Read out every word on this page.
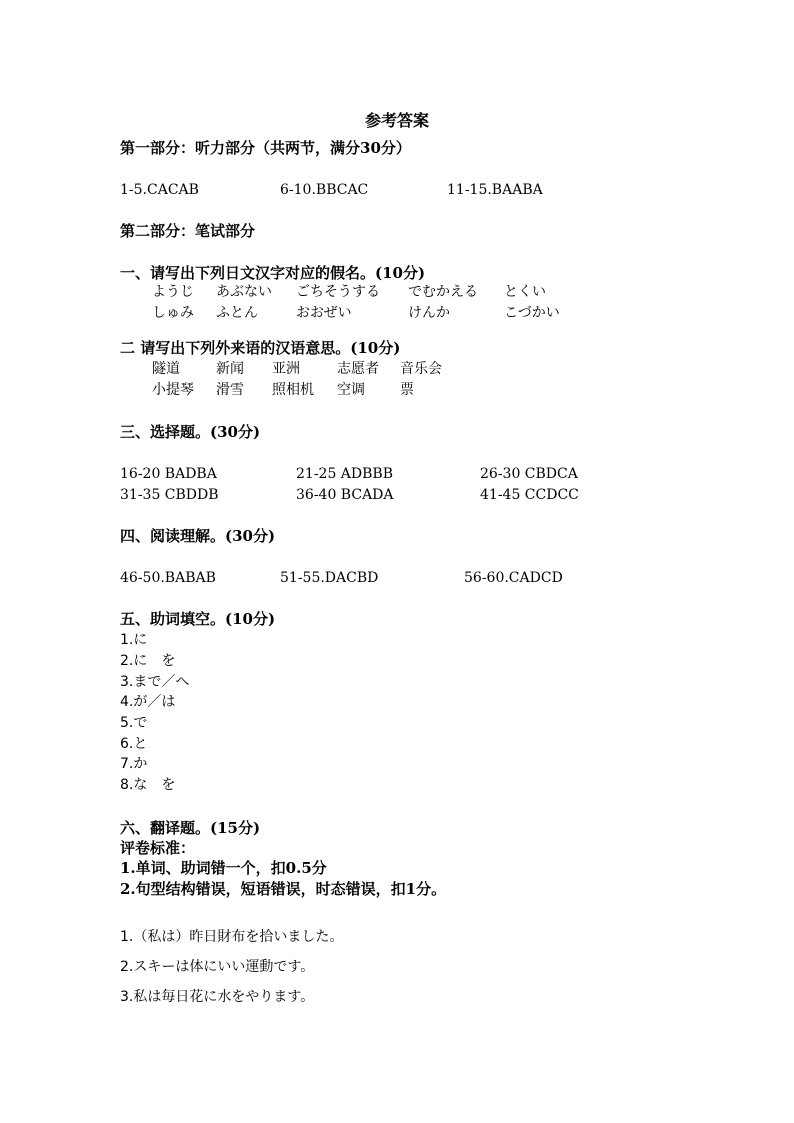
参考答案
第一部分：听力部分（共两节，满分30分）
1-5.CACAB	6-10.BBCAC	11-15.BAABA
第二部分：笔试部分
一、请写出下列日文汉字对应的假名。(10分)
ようじ あぶない ごちそうする でむかえる とくい
しゅみ ふとん	おおぜい	けんか	こづかい
二 请写出下列外来语的汉语意思。(10分)
隧道	新闻 亚洲	志愿者 音乐会
小提琴 滑雪 照相机 空调	票
三、选择题。(30分)
16-20 BADBA	21-25 ADBBB	26-30 CBDCA
31-35 CBDDB	36-40 BCADA	41-45 CCDCC
四、阅读理解。(30分)
46-50.BABAB	51-55.DACBD	56-60.CADCD
五、助词填空。(10分)
1.に
2.に　を
3.まで／へ
4.が／は
5.で
6.と
7.か
8.な　を
六、翻译题。(15分)
评卷标准：
1.单词、助词错一个，扣0.5分
2.句型结构错误，短语错误，时态错误，扣1分。
1.（私は）昨日財布を拾いました。
2.スキーは体にいい運動です。
3.私は毎日花に水をやります。
